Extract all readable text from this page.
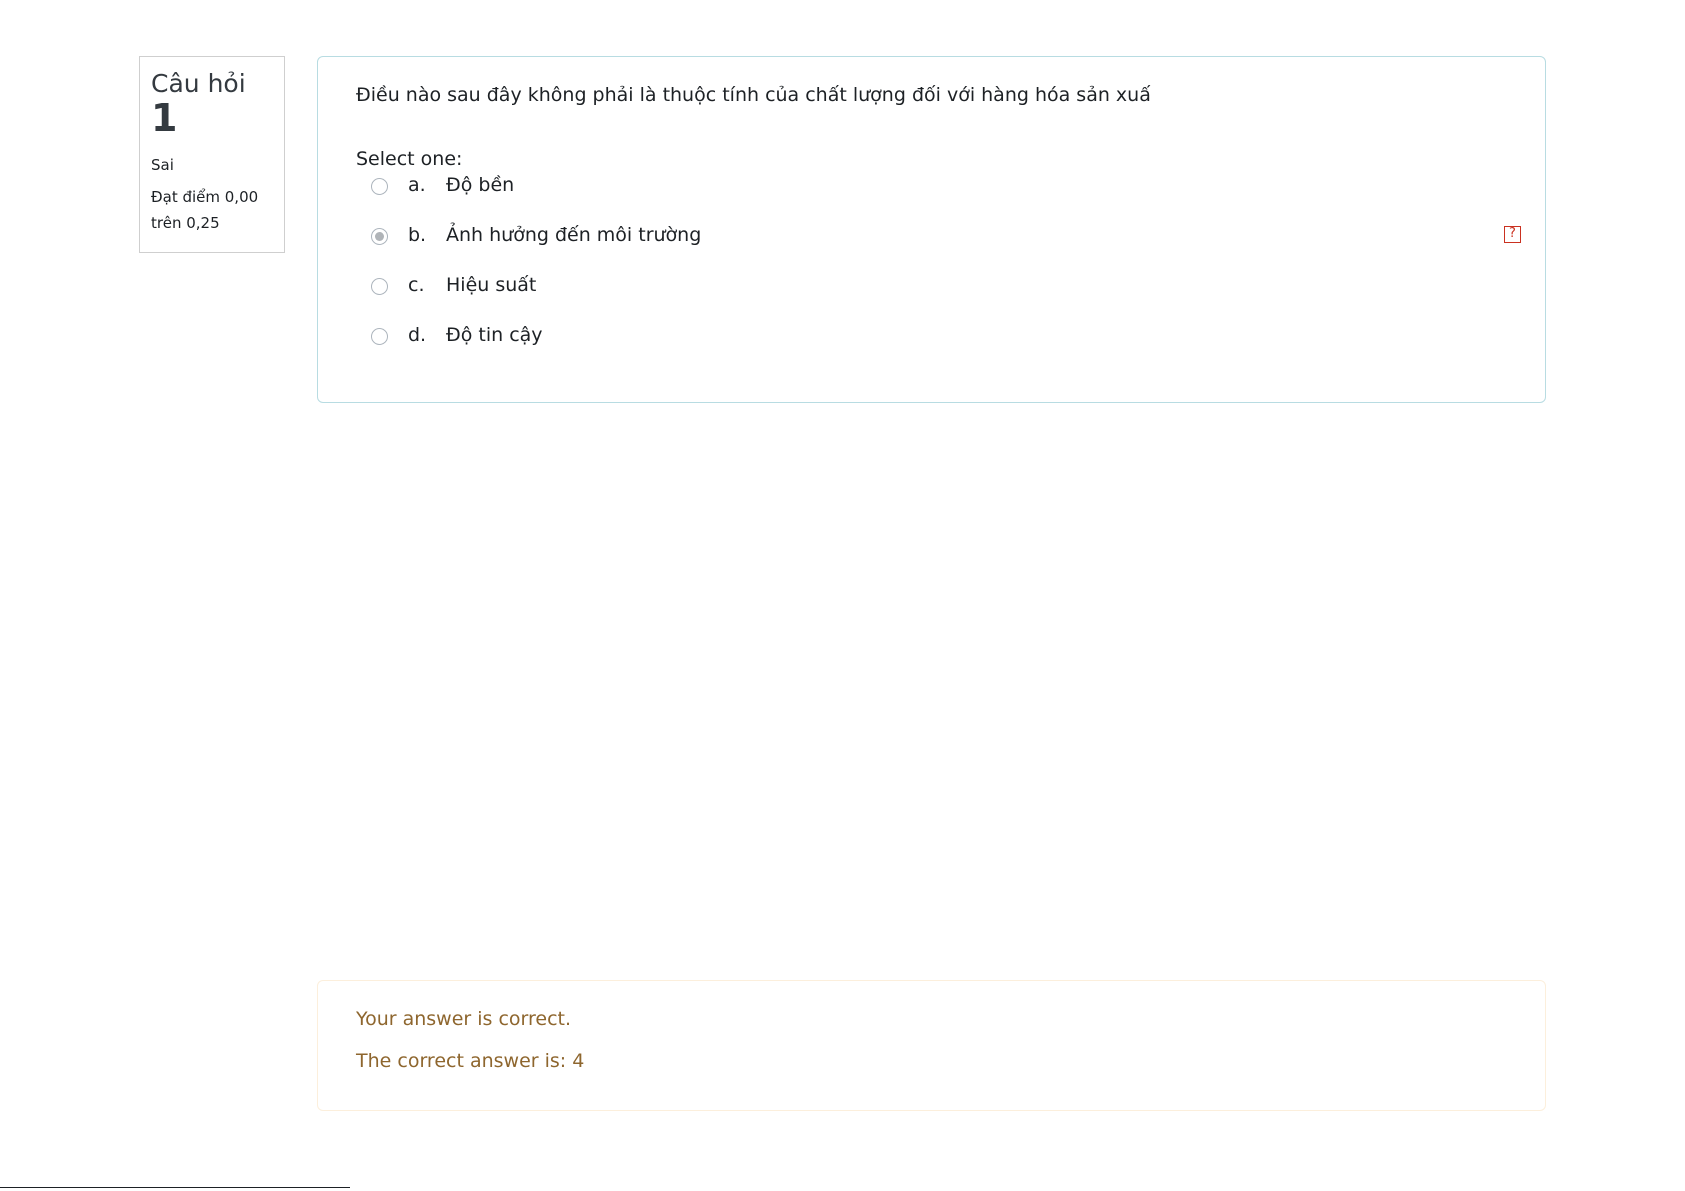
Câu hỏi
1
Sai
Đạt điểm 0,00 trên 0,25
Điều nào sau đây không phải là thuộc tính của chất lượng đối với hàng hóa sản xuấ
Select one:
a. Độ bền
b. Ảnh hưởng đến môi trường	?
c. Hiệu suất
d. Độ tin cậy
Your answer is correct.
The correct answer is: 4
